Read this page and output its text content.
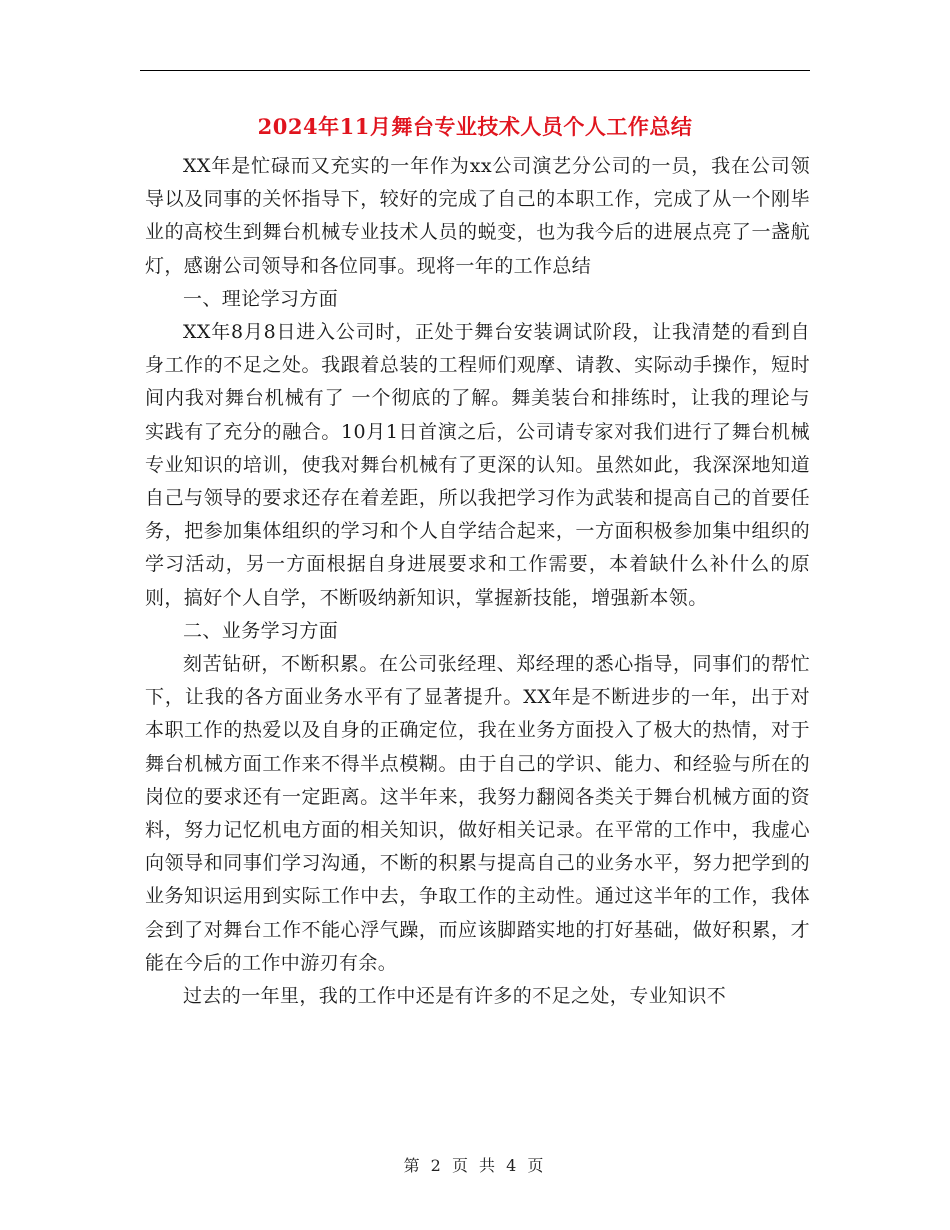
2024年11月舞台专业技术人员个人工作总结

XX年是忙碌而又充实的一年作为xx公司演艺分公司的一员，我在公司领导以及同事的关怀指导下，较好的完成了自己的本职工作，完成了从一个刚毕业的高校生到舞台机械专业技术人员的蜕变，也为我今后的进展点亮了一盏航灯，感谢公司领导和各位同事。现将一年的工作总结

一、理论学习方面

XX年8月8日进入公司时，正处于舞台安装调试阶段，让我清楚的看到自身工作的不足之处。我跟着总装的工程师们观摩、请教、实际动手操作，短时间内我对舞台机械有了 一个彻底的了解。舞美装台和排练时，让我的理论与实践有了充分的融合。10月1日首演之后，公司请专家对我们进行了舞台机械专业知识的培训，使我对舞台机械有了更深的认知。虽然如此，我深深地知道自己与领导的要求还存在着差距，所以我把学习作为武装和提高自己的首要任务，把参加集体组织的学习和个人自学结合起来，一方面积极参加集中组织的学习活动，另一方面根据自身进展要求和工作需要，本着缺什么补什么的原则，搞好个人自学，不断吸纳新知识，掌握新技能，增强新本领。

二、业务学习方面

刻苦钻研，不断积累。在公司张经理、郑经理的悉心指导，同事们的帮忙下，让我的各方面业务水平有了显著提升。XX年是不断进步的一年，出于对本职工作的热爱以及自身的正确定位，我在业务方面投入了极大的热情，对于舞台机械方面工作来不得半点模糊。由于自己的学识、能力、和经验与所在的岗位的要求还有一定距离。这半年来，我努力翻阅各类关于舞台机械方面的资料，努力记忆机电方面的相关知识，做好相关记录。在平常的工作中，我虚心向领导和同事们学习沟通，不断的积累与提高自己的业务水平，努力把学到的业务知识运用到实际工作中去，争取工作的主动性。通过这半年的工作，我体会到了对舞台工作不能心浮气躁，而应该脚踏实地的打好基础，做好积累，才能在今后的工作中游刃有余。

过去的一年里，我的工作中还是有许多的不足之处，专业知识不

第 2 页 共 4 页
